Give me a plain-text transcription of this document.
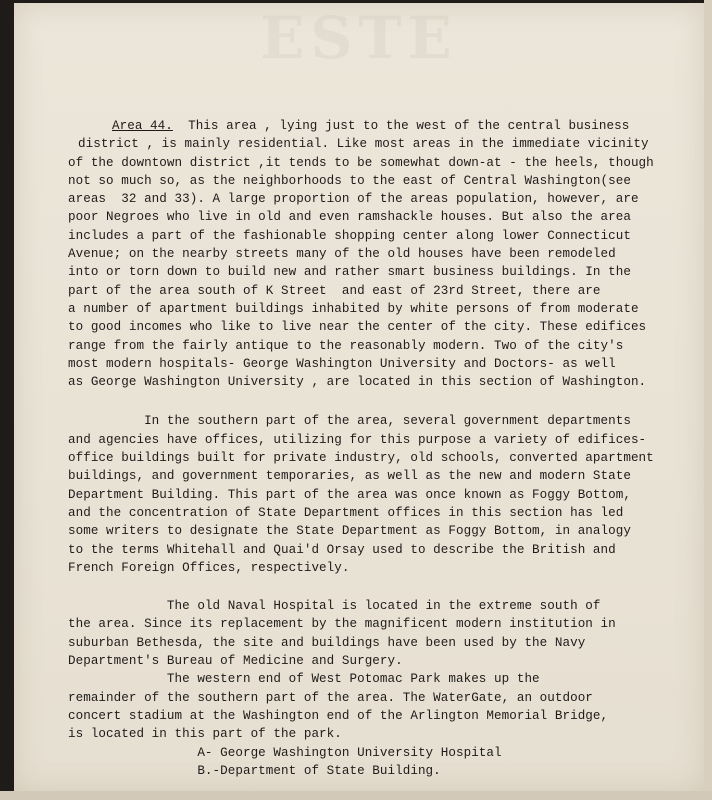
ESTE
Area 44.  This area , lying just to the west of the central business
district , is mainly residential. Like most areas in the immediate vicinity
of the downtown district ,it tends to be somewhat down-at - the heels, though
not so much so, as the neighborhoods to the east of Central Washington(see
areas  32 and 33). A large proportion of the areas population, however, are
poor Negroes who live in old and even ramshackle houses. But also the area
includes a part of the fashionable shopping center along lower Connecticut
Avenue; on the nearby streets many of the old houses have been remodeled
into or torn down to build new and rather smart business buildings. In the
part of the area south of K Street  and east of 23rd Street, there are
a number of apartment buildings inhabited by white persons of from moderate
to good incomes who like to live near the center of the city. These edifices
range from the fairly antique to the reasonably modern. Two of the city's
most modern hospitals- George Washington University and Doctors- as well
as George Washington University , are located in this section of Washington.
In the southern part of the area, several government departments
and agencies have offices, utilizing for this purpose a variety of edifices-
office buildings built for private industry, old schools, converted apartment
buildings, and government temporaries, as well as the new and modern State
Department Building. This part of the area was once known as Foggy Bottom,
and the concentration of State Department offices in this section has led
some writers to designate the State Department as Foggy Bottom, in analogy
to the terms Whitehall and Quai'd Orsay used to describe the British and
French Foreign Offices, respectively.
The old Naval Hospital is located in the extreme south of
the area. Since its replacement by the magnificent modern institution in
suburban Bethesda, the site and buildings have been used by the Navy
Department's Bureau of Medicine and Surgery.
The western end of West Potomac Park makes up the
remainder of the southern part of the area. The WaterGate, an outdoor
concert stadium at the Washington end of the Arlington Memorial Bridge,
is located in this part of the park.
A- George Washington University Hospital
B.-Department of State Building.
